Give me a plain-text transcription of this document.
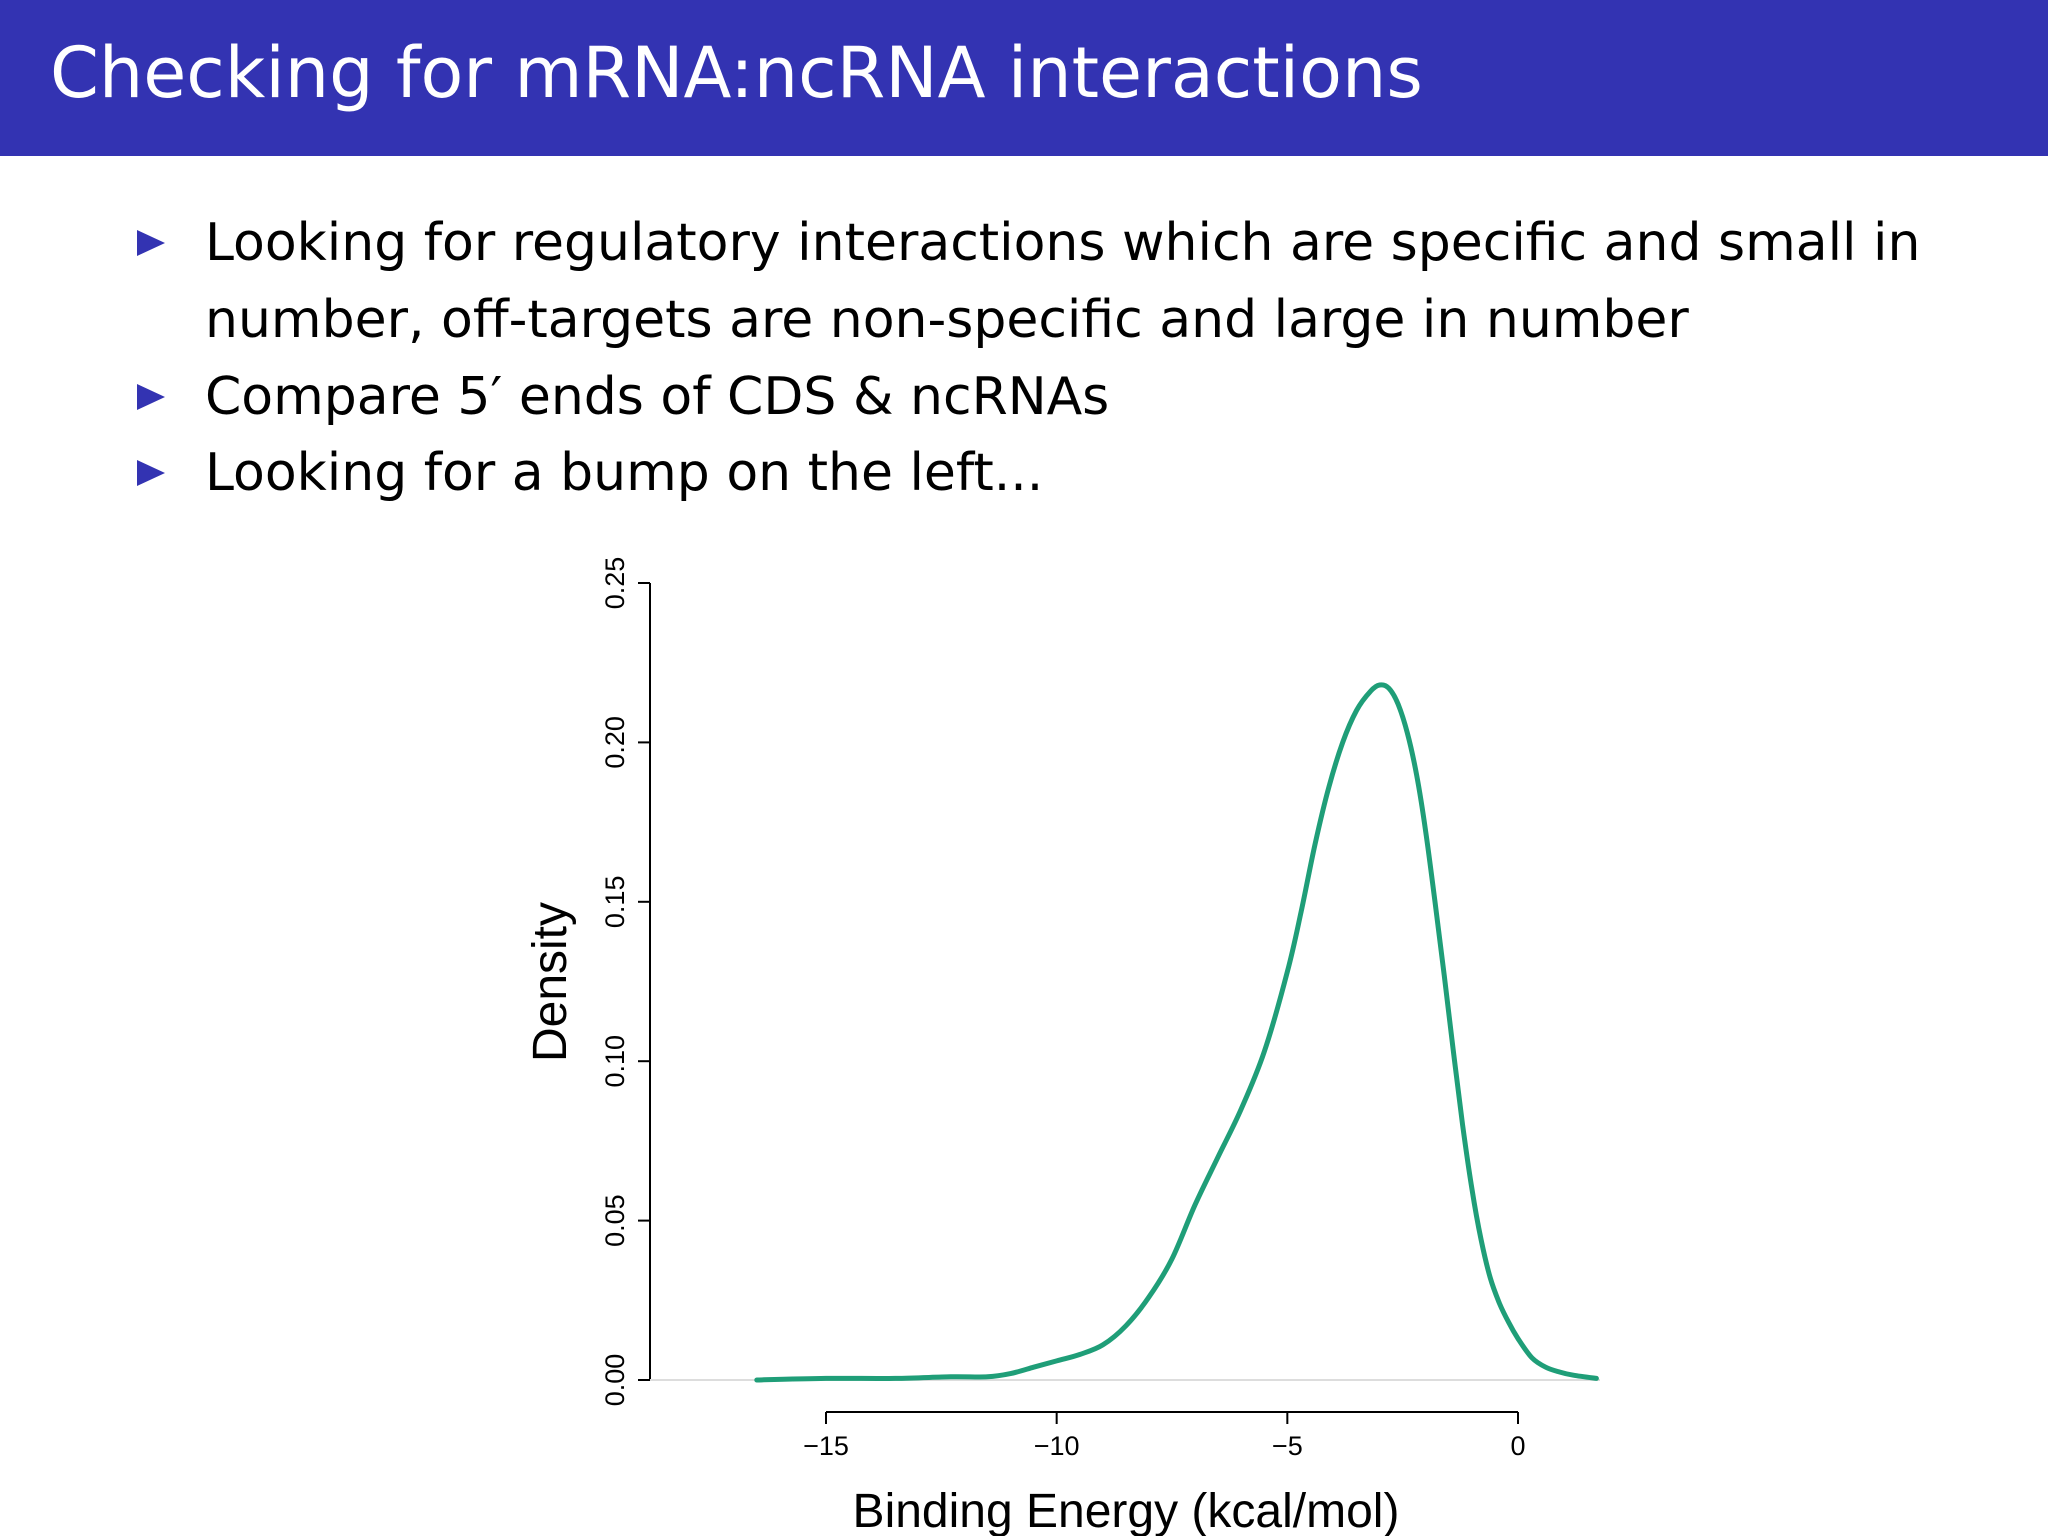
Checking for mRNA:ncRNA interactions
Looking for regulatory interactions which are specific and small in number, off-targets are non-specific and large in number
Compare 5′ ends of CDS & ncRNAs
Looking for a bump on the left...
0.00
0.05
0.10
0.15
0.20
0.25
−15	−10	−5	0
Density
Binding Energy (kcal/mol)
